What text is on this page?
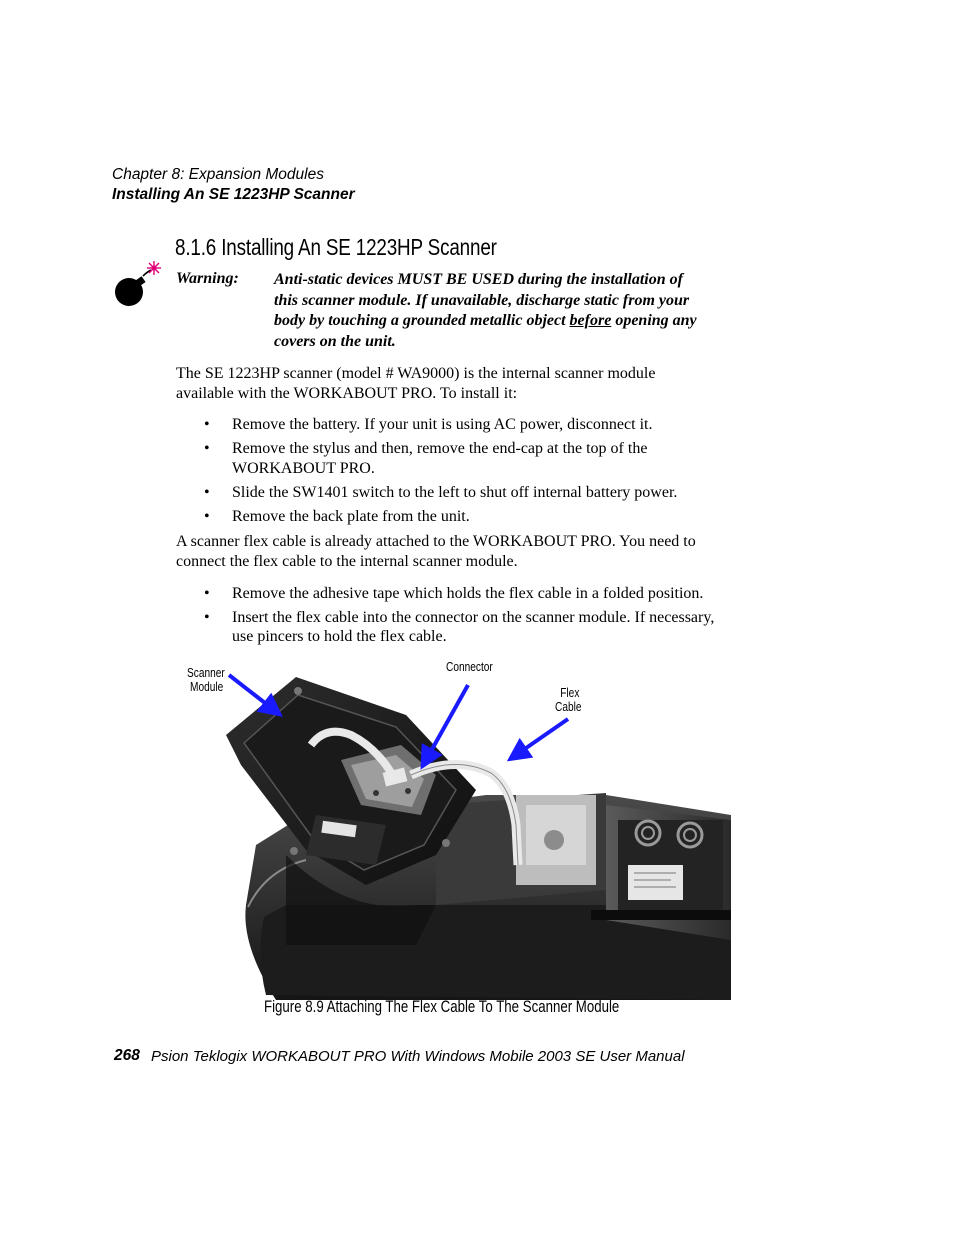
Chapter 8: Expansion Modules
Installing An SE 1223HP Scanner
8.1.6 Installing An SE 1223HP Scanner
Warning: Anti-static devices MUST BE USED during the installation of
this scanner module. If unavailable, discharge static from your
body by touching a grounded metallic object before opening any
covers on the unit.
The SE 1223HP scanner (model # WA9000) is the internal scanner module
available with the WORKABOUT PRO. To install it:
• Remove the battery. If your unit is using AC power, disconnect it.
• Remove the stylus and then, remove the end-cap at the top of the
WORKABOUT PRO.
• Slide the SW1401 switch to the left to shut off internal battery power.
• Remove the back plate from the unit.
A scanner flex cable is already attached to the WORKABOUT PRO. You need to
connect the flex cable to the internal scanner module.
• Remove the adhesive tape which holds the flex cable in a folded position.
• Insert the flex cable into the connector on the scanner module. If necessary,
use pincers to hold the flex cable.
Scanner
Module
Connector
Flex
Cable
Figure 8.9 Attaching The Flex Cable To The Scanner Module
268 Psion Teklogix WORKABOUT PRO With Windows Mobile 2003 SE User Manual
